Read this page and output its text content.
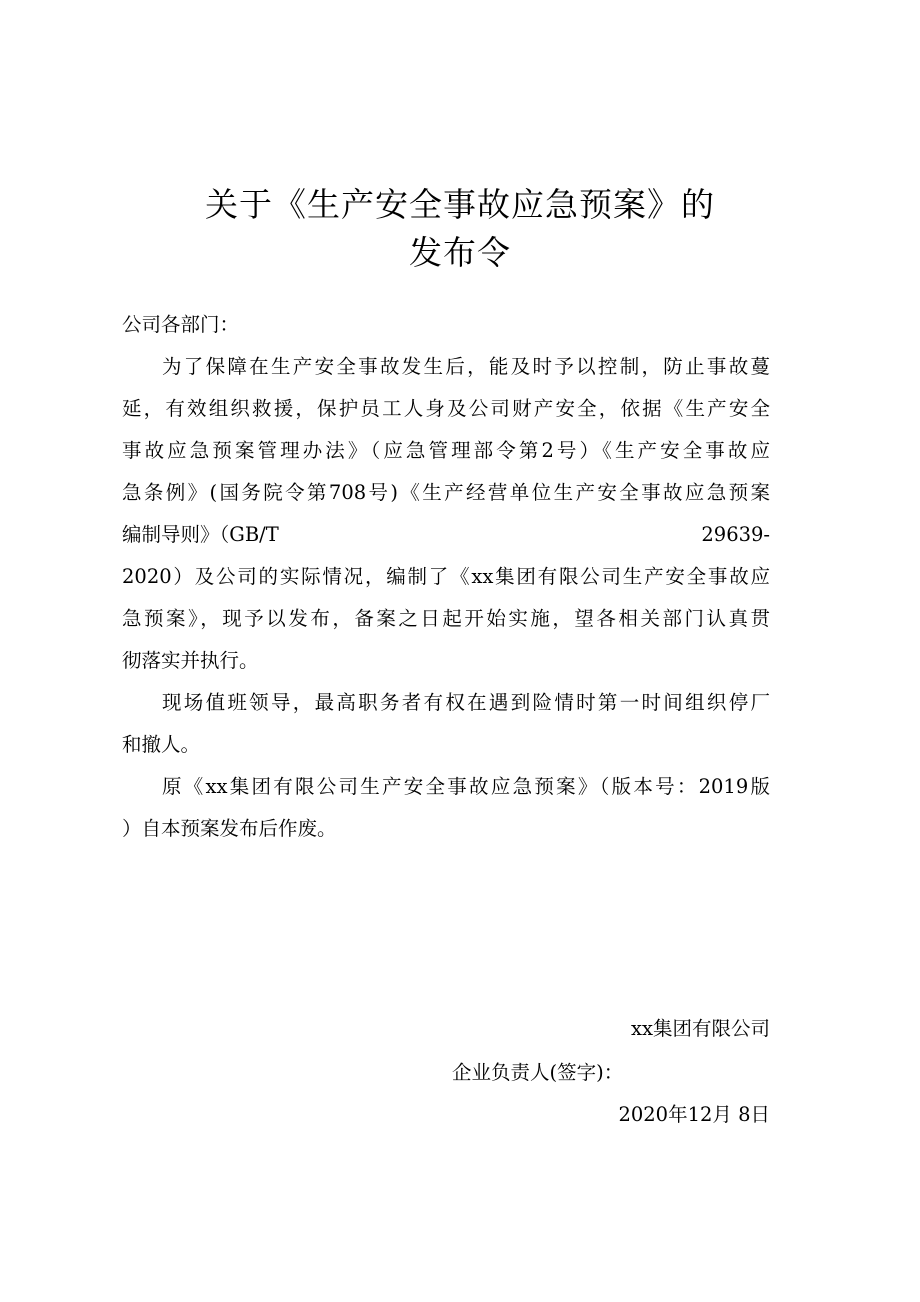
关于《生产安全事故应急预案》的
发布令
公司各部门：
为了保障在生产安全事故发生后，能及时予以控制，防止事故蔓
延，有效组织救援，保护员工人身及公司财产安全，依据《生产安全
事故应急预案管理办法》（应急管理部令第2号）《生产安全事故应
急条例》(国务院令第708号)《生产经营单位生产安全事故应急预案
编制导则》（GB/T	29639-
2020）及公司的实际情况，编制了《xx集团有限公司生产安全事故应
急预案》，现予以发布，备案之日起开始实施，望各相关部门认真贯
彻落实并执行。
现场值班领导，最高职务者有权在遇到险情时第一时间组织停厂
和撤人。
原《xx集团有限公司生产安全事故应急预案》（版本号：2019版
）自本预案发布后作废。
xx集团有限公司
企业负责人(签字)：
2020年12月 8日
